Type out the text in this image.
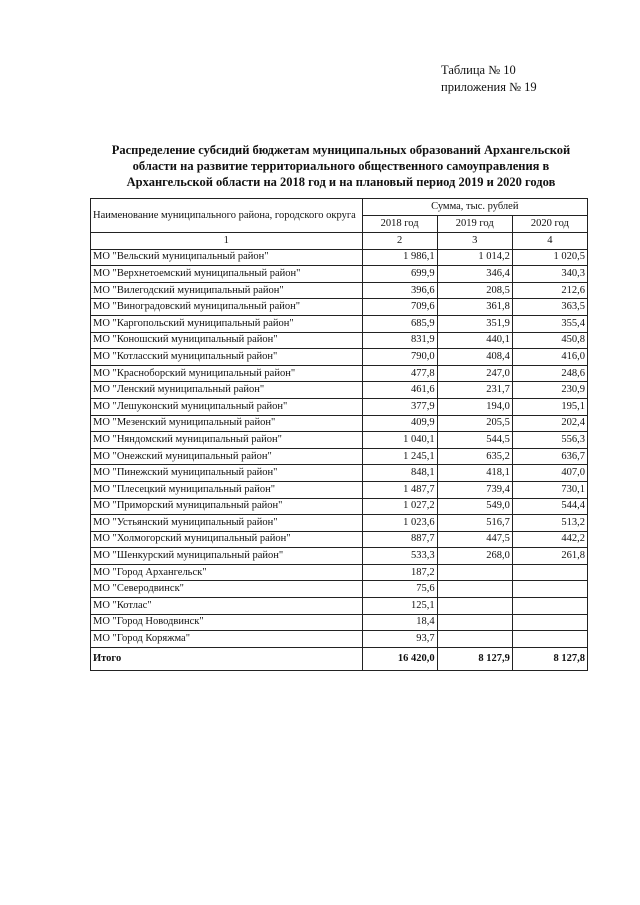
Таблица № 10
приложения № 19
Распределение субсидий бюджетам муниципальных образований Архангельской
области на развитие территориального общественного самоуправления в
Архангельской области на 2018 год и на плановый период 2019 и 2020 годов
Наименование муниципального района, городского округа	Сумма, тыс. рублей		
	2018 год	2019 год	2020 год
1	2	3	4
МО "Вельский муниципальный район"	1 986,1	1 014,2	1 020,5
МО "Верхнетоемский муниципальный район"	699,9	346,4	340,3
МО "Вилегодский муниципальный район"	396,6	208,5	212,6
МО "Виноградовский муниципальный район"	709,6	361,8	363,5
МО "Каргопольский муниципальный район"	685,9	351,9	355,4
МО "Коношский муниципальный район"	831,9	440,1	450,8
МО "Котласский муниципальный район"	790,0	408,4	416,0
МО "Красноборский муниципальный район"	477,8	247,0	248,6
МО "Ленский муниципальный район"	461,6	231,7	230,9
МО "Лешуконский муниципальный район"	377,9	194,0	195,1
МО "Мезенский муниципальный район"	409,9	205,5	202,4
МО "Няндомский муниципальный район"	1 040,1	544,5	556,3
МО "Онежский муниципальный район"	1 245,1	635,2	636,7
МО "Пинежский муниципальный район"	848,1	418,1	407,0
МО "Плесецкий муниципальный район"	1 487,7	739,4	730,1
МО "Приморский муниципальный район"	1 027,2	549,0	544,4
МО "Устьянский муниципальный район"	1 023,6	516,7	513,2
МО "Холмогорский муниципальный район"	887,7	447,5	442,2
МО "Шенкурский муниципальный район"	533,3	268,0	261,8
МО "Город Архангельск"	187,2		
МО "Северодвинск"	75,6		
МО "Котлас"	125,1		
МО "Город Новодвинск"	18,4		
МО "Город Коряжма"	93,7		
Итого	16 420,0	8 127,9	8 127,8
